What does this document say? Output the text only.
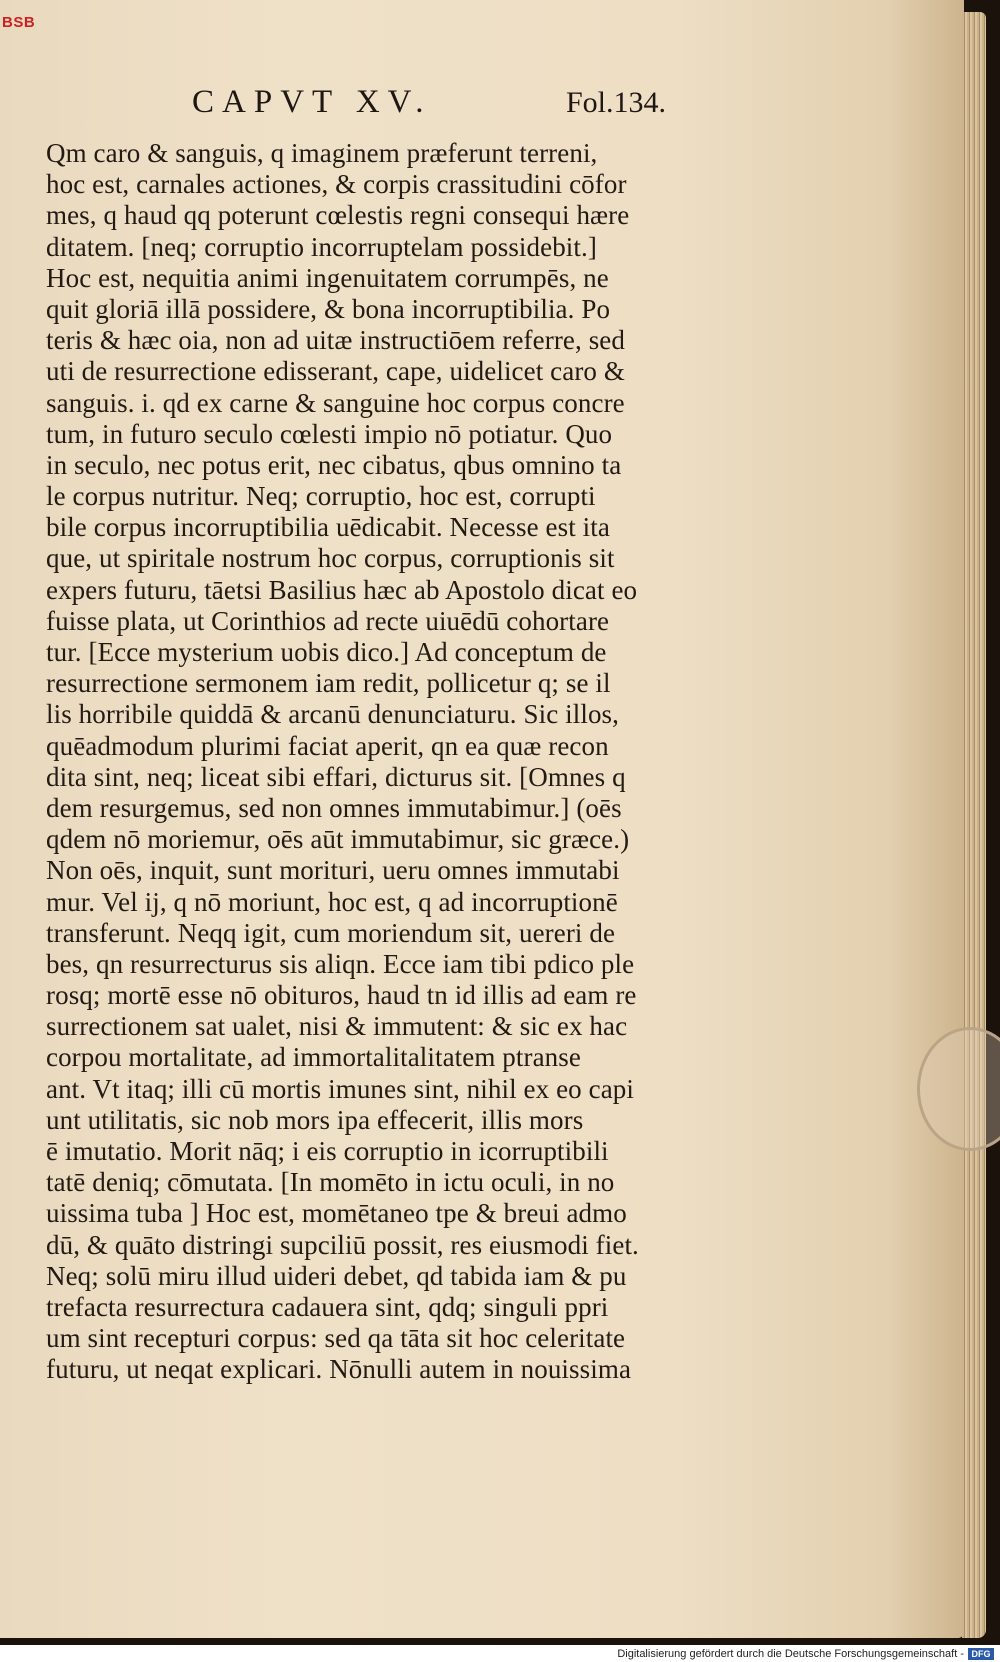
BSB
CAPVT XV.	Fol.134.
Qm caro & sanguis, q imaginem præferunt terreni,
hoc est, carnales actiones, & corpis crassitudini cōfor
mes, q haud qq poterunt cœlestis regni consequi hære
ditatem. [neq; corruptio incorruptelam possidebit.]
Hoc est, nequitia animi ingenuitatem corrumpēs, ne
quit gloriā illā possidere, & bona incorruptibilia. Po
teris & hæc oia, non ad uitæ instructiōem referre, sed
uti de resurrectione edisserant, cape, uidelicet caro &
sanguis. i. qd ex carne & sanguine hoc corpus concre
tum, in futuro seculo cœlesti impio nō potiatur. Quo
in seculo, nec potus erit, nec cibatus, qbus omnino ta
le corpus nutritur. Neq; corruptio, hoc est, corrupti
bile corpus incorruptibilia uēdicabit. Necesse est ita
que, ut spiritale nostrum hoc corpus, corruptionis sit
expers futuru, tāetsi Basilius hæc ab Apostolo dicat eo
fuisse plata, ut Corinthios ad recte uiuēdū cohortare
tur. [Ecce mysterium uobis dico.] Ad conceptum de
resurrectione sermonem iam redit, pollicetur q; se il
lis horribile quiddā & arcanū denunciaturu. Sic illos,
quēadmodum plurimi faciat aperit, qn ea quæ recon
dita sint, neq; liceat sibi effari, dicturus sit. [Omnes q
dem resurgemus, sed non omnes immutabimur.] (oēs
qdem nō moriemur, oēs aūt immutabimur, sic græce.)
Non oēs, inquit, sunt morituri, ueru omnes immutabi
mur. Vel ij, q nō moriunt, hoc est, q ad incorruptionē
transferunt. Neqq igit, cum moriendum sit, uereri de
bes, qn resurrecturus sis aliqn. Ecce iam tibi pdico ple
rosq; mortē esse nō obituros, haud tn id illis ad eam re
surrectionem sat ualet, nisi & immutent: & sic ex hac
corpou mortalitate, ad immortalitalitatem ptranse
ant. Vt itaq; illi cū mortis imunes sint, nihil ex eo capi
unt utilitatis, sic nob mors ipa effecerit, illis mors
ē imutatio. Morit nāq; i eis corruptio in icorruptibili
tatē deniq; cōmutata. [In momēto in ictu oculi, in no
uissima tuba ] Hoc est, momētaneo tpe & breui admo
dū, & quāto distringi supciliū possit, res eiusmodi fiet.
Neq; solū miru illud uideri debet, qd tabida iam & pu
trefacta resurrectura cadauera sint, qdq; singuli ppri
um sint recepturi corpus: sed qa tāta sit hoc celeritate
futuru, ut neqat explicari. Nōnulli autem in nouissima
Digitalisierung gefördert durch die Deutsche Forschungsgemeinschaft - DFG
